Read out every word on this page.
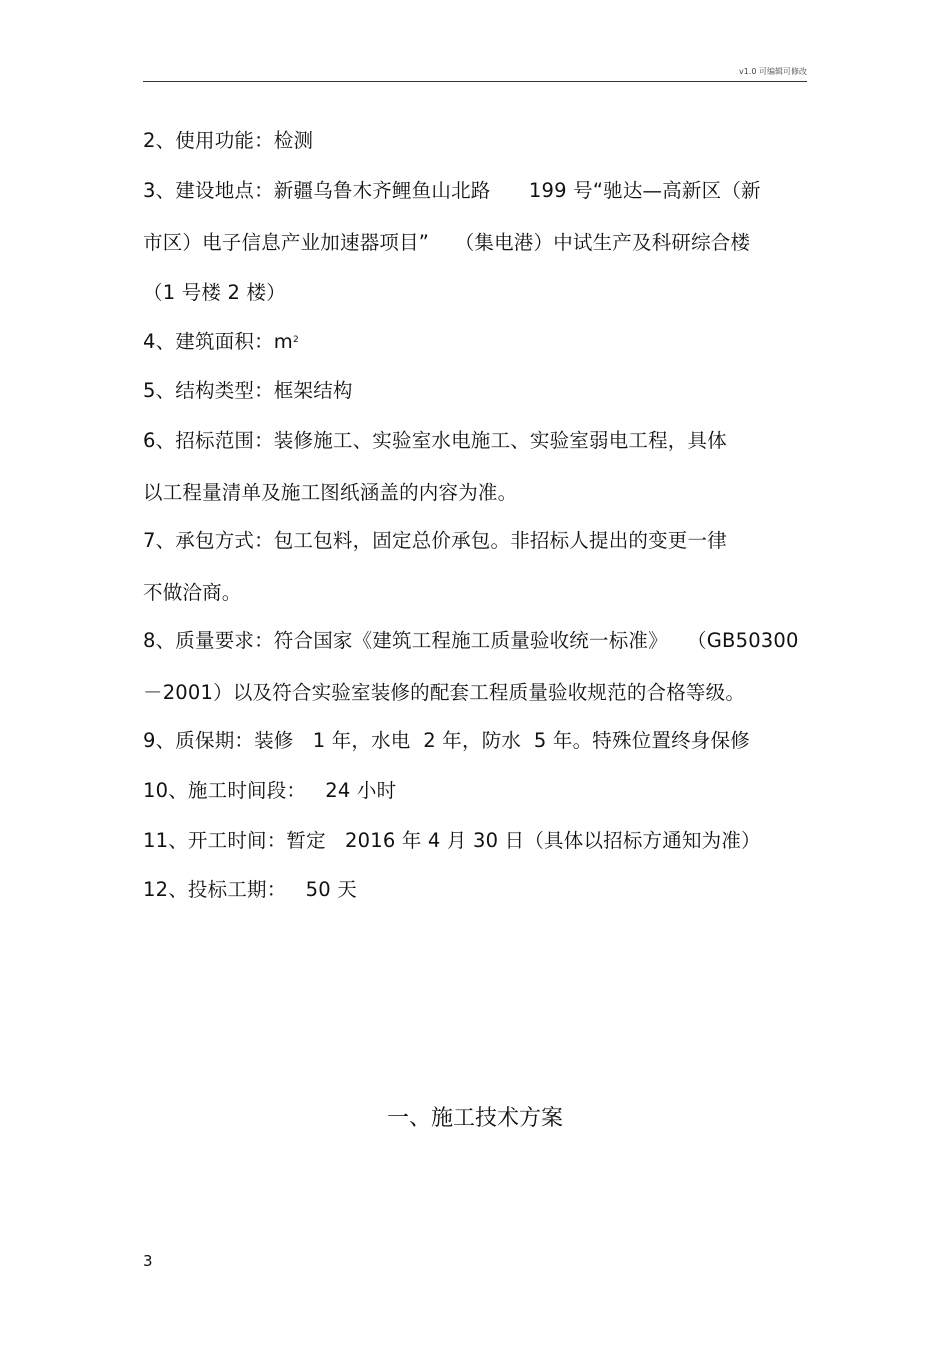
v1.0 可编辑可修改
2、使用功能：检测
3、建设地点：新疆乌鲁木齐鲤鱼山北路      199 号“驰达—高新区（新
市区）电子信息产业加速器项目”    （集电港）中试生产及科研综合楼
（1 号楼 2 楼）
4、建筑面积：$m^2$
5、结构类型：框架结构
6、招标范围：装修施工、实验室水电施工、实验室弱电工程，具体
以工程量清单及施工图纸涵盖的内容为准。
7、承包方式：包工包料，固定总价承包。非招标人提出的变更一律
不做洽商。
8、质量要求：符合国家《建筑工程施工质量验收统一标准》   （GB50300
－2001）以及符合实验室装修的配套工程质量验收规范的合格等级。
9、质保期：装修   1 年，水电  2 年，防水  5 年。特殊位置终身保修
10、施工时间段：   24 小时
11、开工时间：暂定   2016 年 4 月 30 日（具体以招标方通知为准）
12、投标工期：   50 天
一、施工技术方案
3
